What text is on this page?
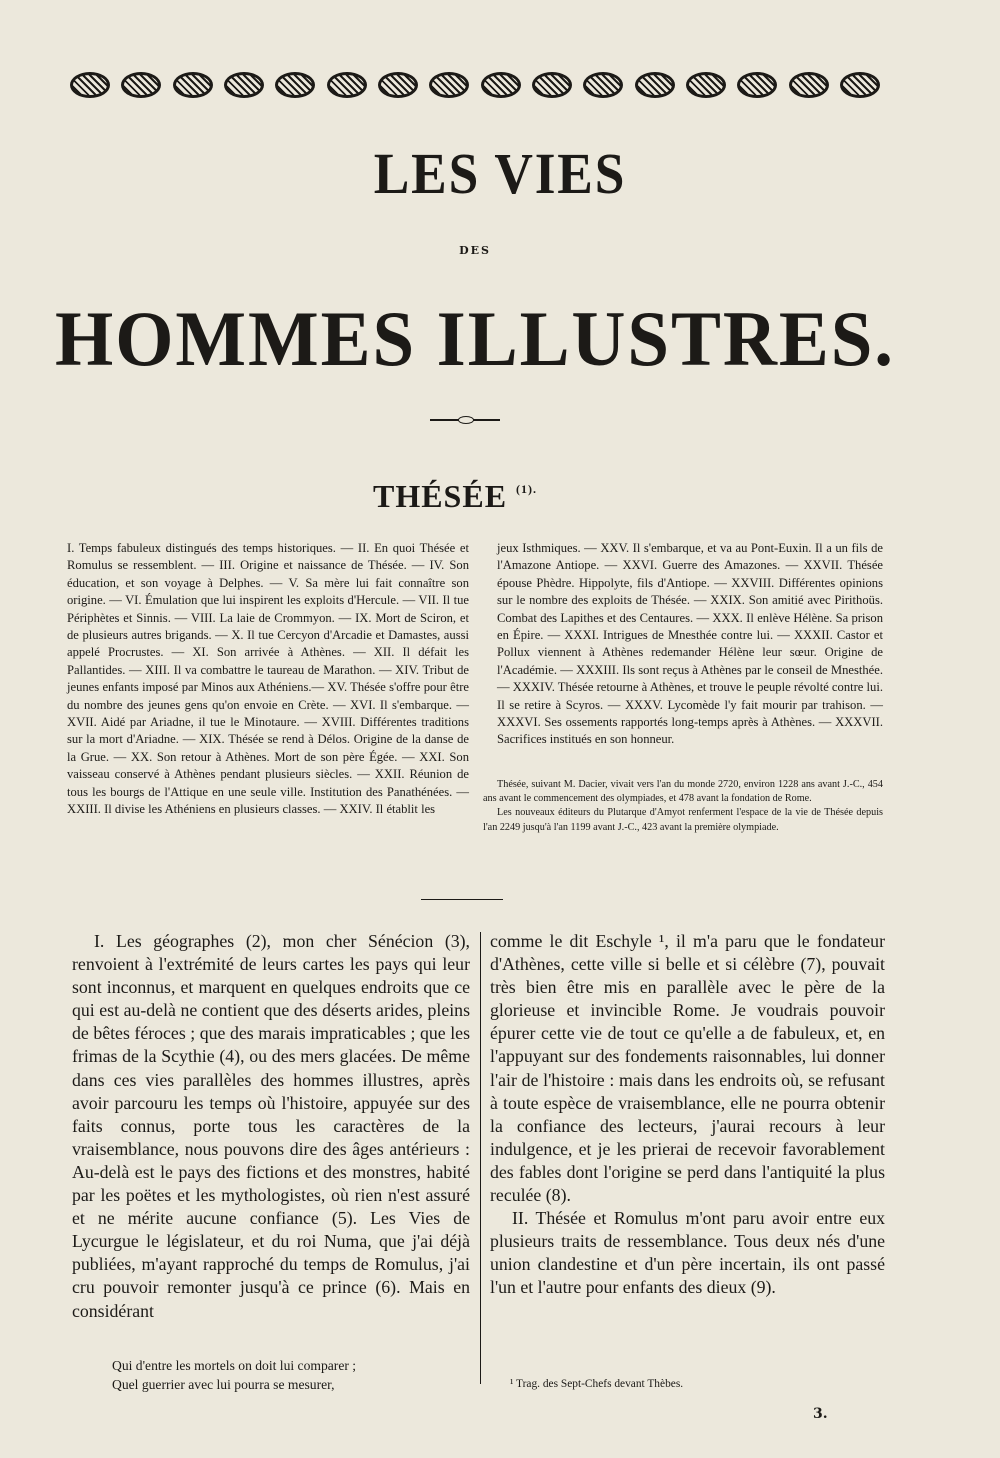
LES VIES
DES
HOMMES ILLUSTRES.
THÉSÉE $^{(1).}$
I. Temps fabuleux distingués des temps historiques. — II. En quoi Thésée et Romulus se ressemblent. — III. Origine et naissance de Thésée. — IV. Son éducation, et son voyage à Delphes. — V. Sa mère lui fait connaître son origine. — VI. Émulation que lui inspirent les exploits d'Hercule. — VII. Il tue Périphètes et Sinnis. — VIII. La laie de Crommyon. — IX. Mort de Sciron, et de plusieurs autres brigands. — X. Il tue Cercyon d'Arcadie et Damastes, aussi appelé Procrustes. — XI. Son arrivée à Athènes. — XII. Il défait les Pallantides. — XIII. Il va combattre le taureau de Marathon. — XIV. Tribut de jeunes enfants imposé par Minos aux Athéniens.— XV. Thésée s'offre pour être du nombre des jeunes gens qu'on envoie en Crète. — XVI. Il s'embarque. — XVII. Aidé par Ariadne, il tue le Minotaure. — XVIII. Différentes traditions sur la mort d'Ariadne. — XIX. Thésée se rend à Délos. Origine de la danse de la Grue. — XX. Son retour à Athènes. Mort de son père Égée. — XXI. Son vaisseau conservé à Athènes pendant plusieurs siècles. — XXII. Réunion de tous les bourgs de l'Attique en une seule ville. Institution des Panathénées. — XXIII. Il divise les Athéniens en plusieurs classes. — XXIV. Il établit les
jeux Isthmiques. — XXV. Il s'embarque, et va au Pont-Euxin. Il a un fils de l'Amazone Antiope. — XXVI. Guerre des Amazones. — XXVII. Thésée épouse Phèdre. Hippolyte, fils d'Antiope. — XXVIII. Différentes opinions sur le nombre des exploits de Thésée. — XXIX. Son amitié avec Pirithoüs. Combat des Lapithes et des Centaures. — XXX. Il enlève Hélène. Sa prison en Épire. — XXXI. Intrigues de Mnesthée contre lui. — XXXII. Castor et Pollux viennent à Athènes redemander Hélène leur sœur. Origine de l'Académie. — XXXIII. Ils sont reçus à Athènes par le conseil de Mnesthée. — XXXIV. Thésée retourne à Athènes, et trouve le peuple révolté contre lui. Il se retire à Scyros. — XXXV. Lycomède l'y fait mourir par trahison. — XXXVI. Ses ossements rapportés long-temps après à Athènes. — XXXVII. Sacrifices institués en son honneur.

Thésée, suivant M. Dacier, vivait vers l'an du monde 2720, environ 1228 ans avant J.-C., 454 ans avant le commencement des olympiades, et 478 avant la fondation de Rome.

Les nouveaux éditeurs du Plutarque d'Amyot renferment l'espace de la vie de Thésée depuis l'an 2249 jusqu'à l'an 1199 avant J.-C., 423 avant la première olympiade.

I. Les géographes (2), mon cher Sénécion (3), renvoient à l'extrémité de leurs cartes les pays qui leur sont inconnus, et marquent en quelques endroits que ce qui est au-delà ne contient que des déserts arides, pleins de bêtes féroces ; que des marais impraticables ; que les frimas de la Scythie (4), ou des mers glacées. De même dans ces vies parallèles des hommes illustres, après avoir parcouru les temps où l'histoire, appuyée sur des faits connus, porte tous les caractères de la vraisemblance, nous pouvons dire des âges antérieurs : Au-delà est le pays des fictions et des monstres, habité par les poëtes et les mythologistes, où rien n'est assuré et ne mérite aucune confiance (5). Les Vies de Lycurgue le législateur, et du roi Numa, que j'ai déjà publiées, m'ayant rapproché du temps de Romulus, j'ai cru pouvoir remonter jusqu'à ce prince (6). Mais en considérant

Qui d'entre les mortels on doit lui comparer ;
Quel guerrier avec lui pourra se mesurer,

comme le dit Eschyle ¹, il m'a paru que le fondateur d'Athènes, cette ville si belle et si célèbre (7), pouvait très bien être mis en parallèle avec le père de la glorieuse et invincible Rome. Je voudrais pouvoir épurer cette vie de tout ce qu'elle a de fabuleux, et, en l'appuyant sur des fondements raisonnables, lui donner l'air de l'histoire : mais dans les endroits où, se refusant à toute espèce de vraisemblance, elle ne pourra obtenir la confiance des lecteurs, j'aurai recours à leur indulgence, et je les prierai de recevoir favorablement des fables dont l'origine se perd dans l'antiquité la plus reculée (8).

II. Thésée et Romulus m'ont paru avoir entre eux plusieurs traits de ressemblance. Tous deux nés d'une union clandestine et d'un père incertain, ils ont passé l'un et l'autre pour enfants des dieux (9).

¹ Trag. des Sept-Chefs devant Thèbes.
3.
